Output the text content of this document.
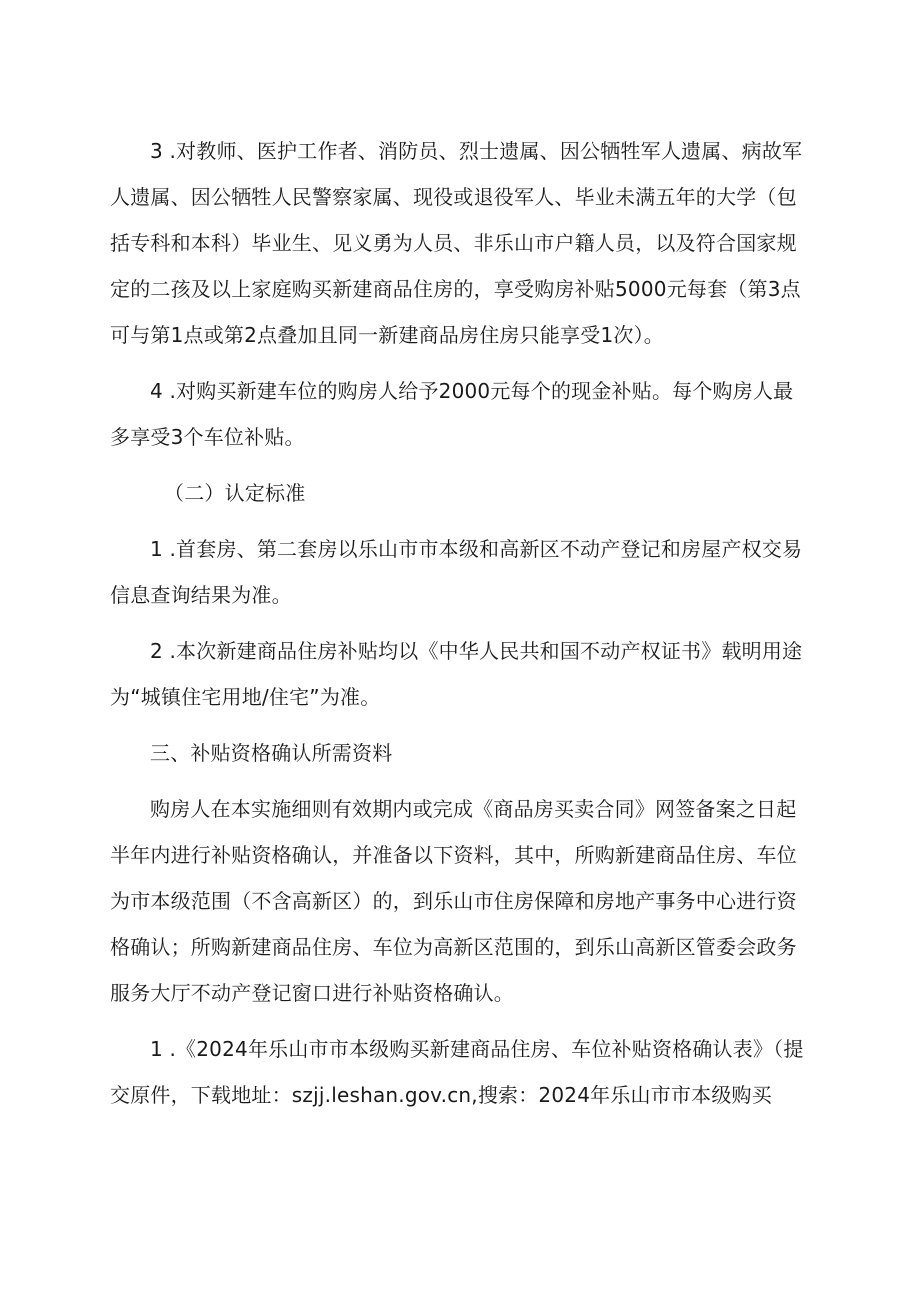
3 .对教师、医护工作者、消防员、烈士遗属、因公牺牲军人遗属、病故军人遗属、因公牺牲人民警察家属、现役或退役军人、毕业未满五年的大学（包括专科和本科）毕业生、见义勇为人员、非乐山市户籍人员，以及符合国家规定的二孩及以上家庭购买新建商品住房的，享受购房补贴5000元每套（第3点可与第1点或第2点叠加且同一新建商品房住房只能享受1次）。

4 .对购买新建车位的购房人给予2000元每个的现金补贴。每个购房人最多享受3个车位补贴。

（二）认定标准

1 .首套房、第二套房以乐山市市本级和高新区不动产登记和房屋产权交易信息查询结果为准。

2 .本次新建商品住房补贴均以《中华人民共和国不动产权证书》载明用途为“城镇住宅用地/住宅”为准。

三、补贴资格确认所需资料

购房人在本实施细则有效期内或完成《商品房买卖合同》网签备案之日起半年内进行补贴资格确认，并准备以下资料，其中，所购新建商品住房、车位为市本级范围（不含高新区）的，到乐山市住房保障和房地产事务中心进行资格确认；所购新建商品住房、车位为高新区范围的，到乐山高新区管委会政务服务大厅不动产登记窗口进行补贴资格确认。

1 .《2024年乐山市市本级购买新建商品住房、车位补贴资格确认表》（提交原件，下载地址：szjj.leshan.gov.cn,搜索：2024年乐山市市本级购买
